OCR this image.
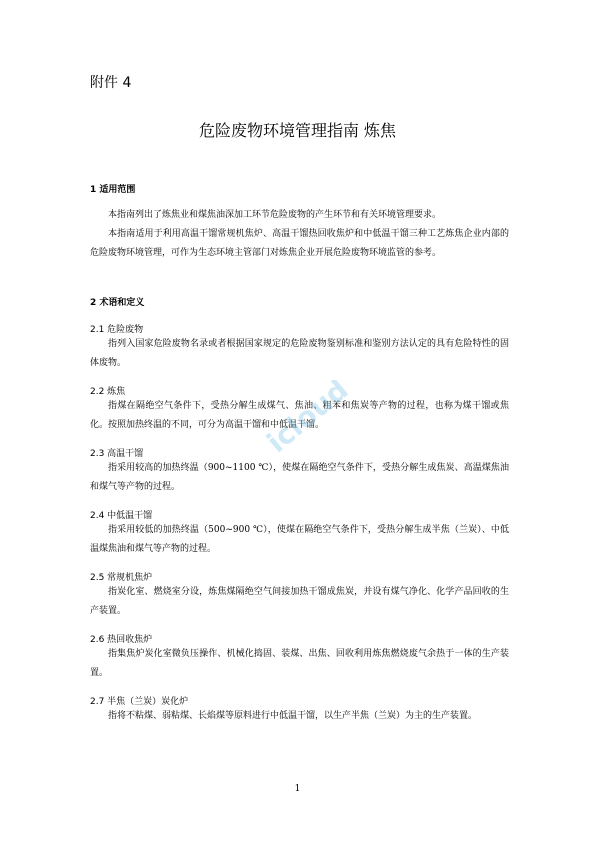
附件 4
危险废物环境管理指南 炼焦
1 适用范围

本指南列出了炼焦业和煤焦油深加工环节危险废物的产生环节和有关环境管理要求。

本指南适用于利用高温干馏常规机焦炉、高温干馏热回收焦炉和中低温干馏三种工艺炼焦企业内部的危险废物环境管理，可作为生态环境主管部门对炼焦企业开展危险废物环境监管的参考。

2 术语和定义
2.1 危险废物

指列入国家危险废物名录或者根据国家规定的危险废物鉴别标准和鉴别方法认定的具有危险特性的固体废物。

2.2 炼焦

指煤在隔绝空气条件下，受热分解生成煤气、焦油、粗苯和焦炭等产物的过程，也称为煤干馏或焦化。按照加热终温的不同，可分为高温干馏和中低温干馏。

2.3 高温干馏

指采用较高的加热终温（900~1100 ℃），使煤在隔绝空气条件下，受热分解生成焦炭、高温煤焦油和煤气等产物的过程。

2.4 中低温干馏

指采用较低的加热终温（500~900 ℃），使煤在隔绝空气条件下，受热分解生成半焦（兰炭）、中低温煤焦油和煤气等产物的过程。

2.5 常规机焦炉

指炭化室、燃烧室分设，炼焦煤隔绝空气间接加热干馏成焦炭，并设有煤气净化、化学产品回收的生产装置。

2.6 热回收焦炉

指集焦炉炭化室微负压操作、机械化捣固、装煤、出焦、回收利用炼焦燃烧废气余热于一体的生产装置。

2.7 半焦（兰炭）炭化炉

指将不粘煤、弱粘煤、长焰煤等原料进行中低温干馏，以生产半焦（兰炭）为主的生产装置。

icloud
1
